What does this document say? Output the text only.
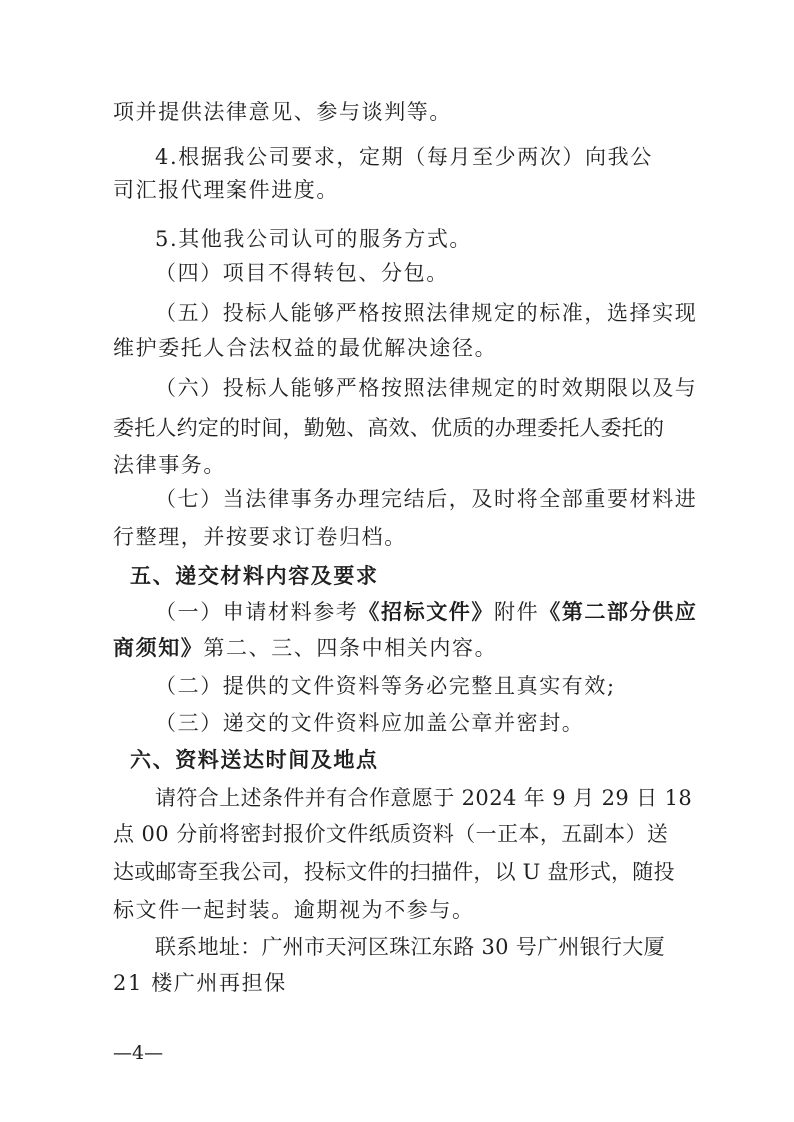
项并提供法律意见、参与谈判等。
4.根据我公司要求，定期（每月至少两次）向我公
司汇报代理案件进度。
5.其他我公司认可的服务方式。
（四）项目不得转包、分包。
（五）投标人能够严格按照法律规定的标准，选择实现
维护委托人合法权益的最优解决途径。
（六）投标人能够严格按照法律规定的时效期限以及与
委托人约定的时间，勤勉、高效、优质的办理委托人委托的
法律事务。
（七）当法律事务办理完结后，及时将全部重要材料进
行整理，并按要求订卷归档。
五、递交材料内容及要求
（一）申请材料参考《招标文件》附件《第二部分供应
商须知》第二、三、四条中相关内容。
（二）提供的文件资料等务必完整且真实有效;
（三）递交的文件资料应加盖公章并密封。
六、资料送达时间及地点
请符合上述条件并有合作意愿于 2024 年 9 月 29 日 18
点 00 分前将密封报价文件纸质资料（一正本，五副本）送
达或邮寄至我公司，投标文件的扫描件，以 U 盘形式，随投
标文件一起封装。逾期视为不参与。
联系地址：广州市天河区珠江东路 30 号广州银行大厦
21 楼广州再担保
—4—
